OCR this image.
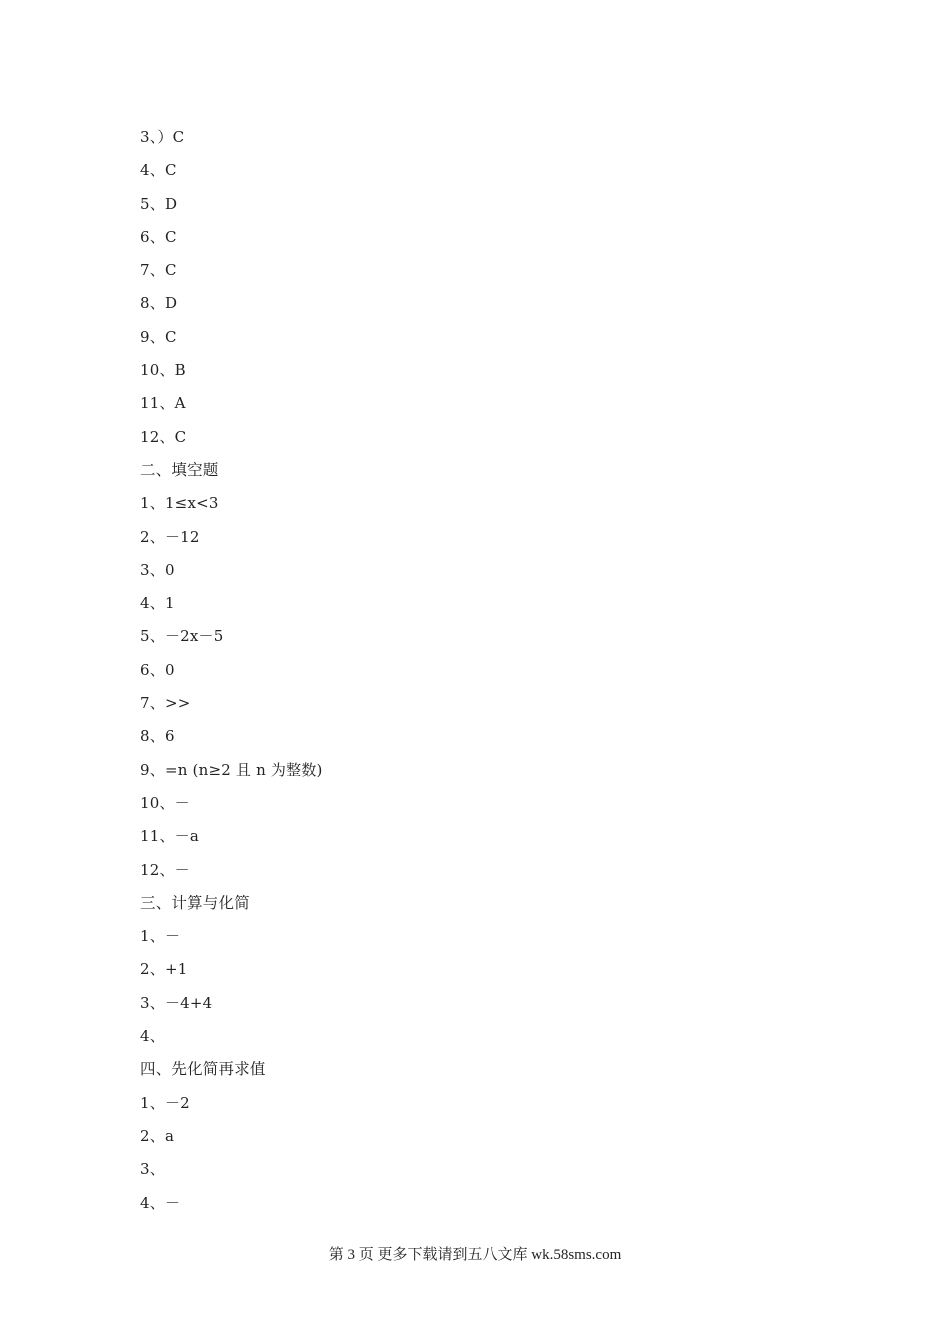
3、）C
4、C
5、D
6、C
7、C
8、D
9、C
10、B
11、A
12、C
二、填空题
1、1≤x<3
2、－12
3、0
4、1
5、－2x－5
6、0
7、>>
8、6
9、=n (n≥2 且 n 为整数)
10、－
11、－a
12、－
三、计算与化简
1、－
2、+1
3、－4+4
4、
四、先化简再求值
1、－2
2、a
3、
4、－
第 3 页 更多下载请到五八文库 wk.58sms.com
